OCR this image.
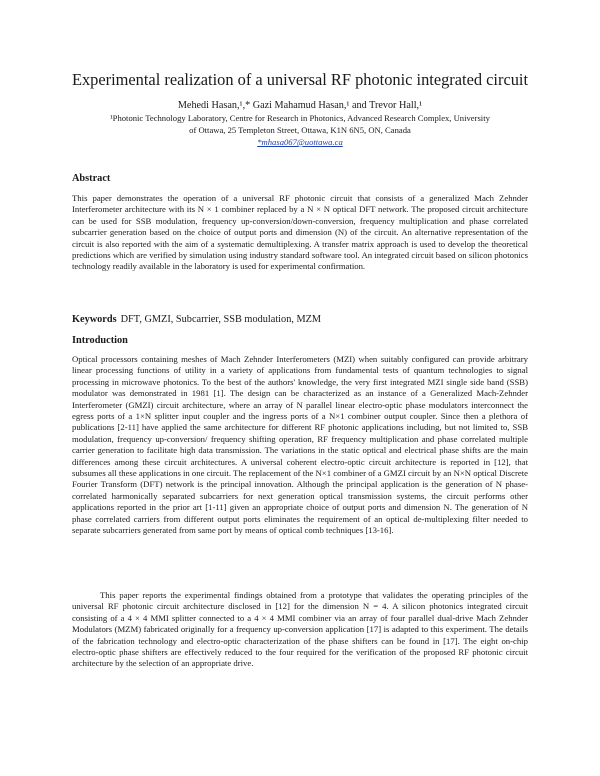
Experimental realization of a universal RF photonic integrated circuit
Mehedi Hasan,¹,* Gazi Mahamud Hasan,¹ and Trevor Hall,¹
¹Photonic Technology Laboratory, Centre for Research in Photonics, Advanced Research Complex, University of Ottawa, 25 Templeton Street, Ottawa, K1N 6N5, ON, Canada
*mhasa067@uottawa.ca
Abstract
This paper demonstrates the operation of a universal RF photonic circuit that consists of a generalized Mach Zehnder Interferometer architecture with its N × 1 combiner replaced by a N × N optical DFT network. The proposed circuit architecture can be used for SSB modulation, frequency up-conversion/down-conversion, frequency multiplication and phase correlated subcarrier generation based on the choice of output ports and dimension (N) of the circuit. An alternative representation of the circuit is also reported with the aim of a systematic demultiplexing. A transfer matrix approach is used to develop the theoretical predictions which are verified by simulation using industry standard software tool. An integrated circuit based on silicon photonics technology readily available in the laboratory is used for experimental confirmation.
Keywords DFT, GMZI, Subcarrier, SSB modulation, MZM
Introduction
Optical processors containing meshes of Mach Zehnder Interferometers (MZI) when suitably configured can provide arbitrary linear processing functions of utility in a variety of applications from fundamental tests of quantum technologies to signal processing in microwave photonics. To the best of the authors' knowledge, the very first integrated MZI single side band (SSB) modulator was demonstrated in 1981 [1]. The design can be characterized as an instance of a Generalized Mach-Zehnder Interferometer (GMZI) circuit architecture, where an array of N parallel linear electro-optic phase modulators interconnect the egress ports of a 1×N splitter input coupler and the ingress ports of a N×1 combiner output coupler. Since then a plethora of publications [2-11] have applied the same architecture for different RF photonic applications including, but not limited to, SSB modulation, frequency up-conversion/ frequency shifting operation, RF frequency multiplication and phase correlated multiple carrier generation to facilitate high data transmission. The variations in the static optical and electrical phase shifts are the main differences among these circuit architectures. A universal coherent electro-optic circuit architecture is reported in [12], that subsumes all these applications in one circuit. The replacement of the N×1 combiner of a GMZI circuit by an N×N optical Discrete Fourier Transform (DFT) network is the principal innovation. Although the principal application is the generation of N phase-correlated harmonically separated subcarriers for next generation optical transmission systems, the circuit performs other applications reported in the prior art [1-11] given an appropriate choice of output ports and dimension N. The generation of N phase correlated carriers from different output ports eliminates the requirement of an optical de-multiplexing filter needed to separate subcarriers generated from same port by means of optical comb techniques [13-16].
This paper reports the experimental findings obtained from a prototype that validates the operating principles of the universal RF photonic circuit architecture disclosed in [12] for the dimension N = 4. A silicon photonics integrated circuit consisting of a 4 × 4 MMI splitter connected to a 4 × 4 MMI combiner via an array of four parallel dual-drive Mach Zehnder Modulators (MZM) fabricated originally for a frequency up-conversion application [17] is adapted to this experiment. The details of the fabrication technology and electro-optic characterization of the phase shifters can be found in [17]. The eight on-chip electro-optic phase shifters are effectively reduced to the four required for the verification of the proposed RF photonic circuit architecture by the selection of an appropriate drive.
